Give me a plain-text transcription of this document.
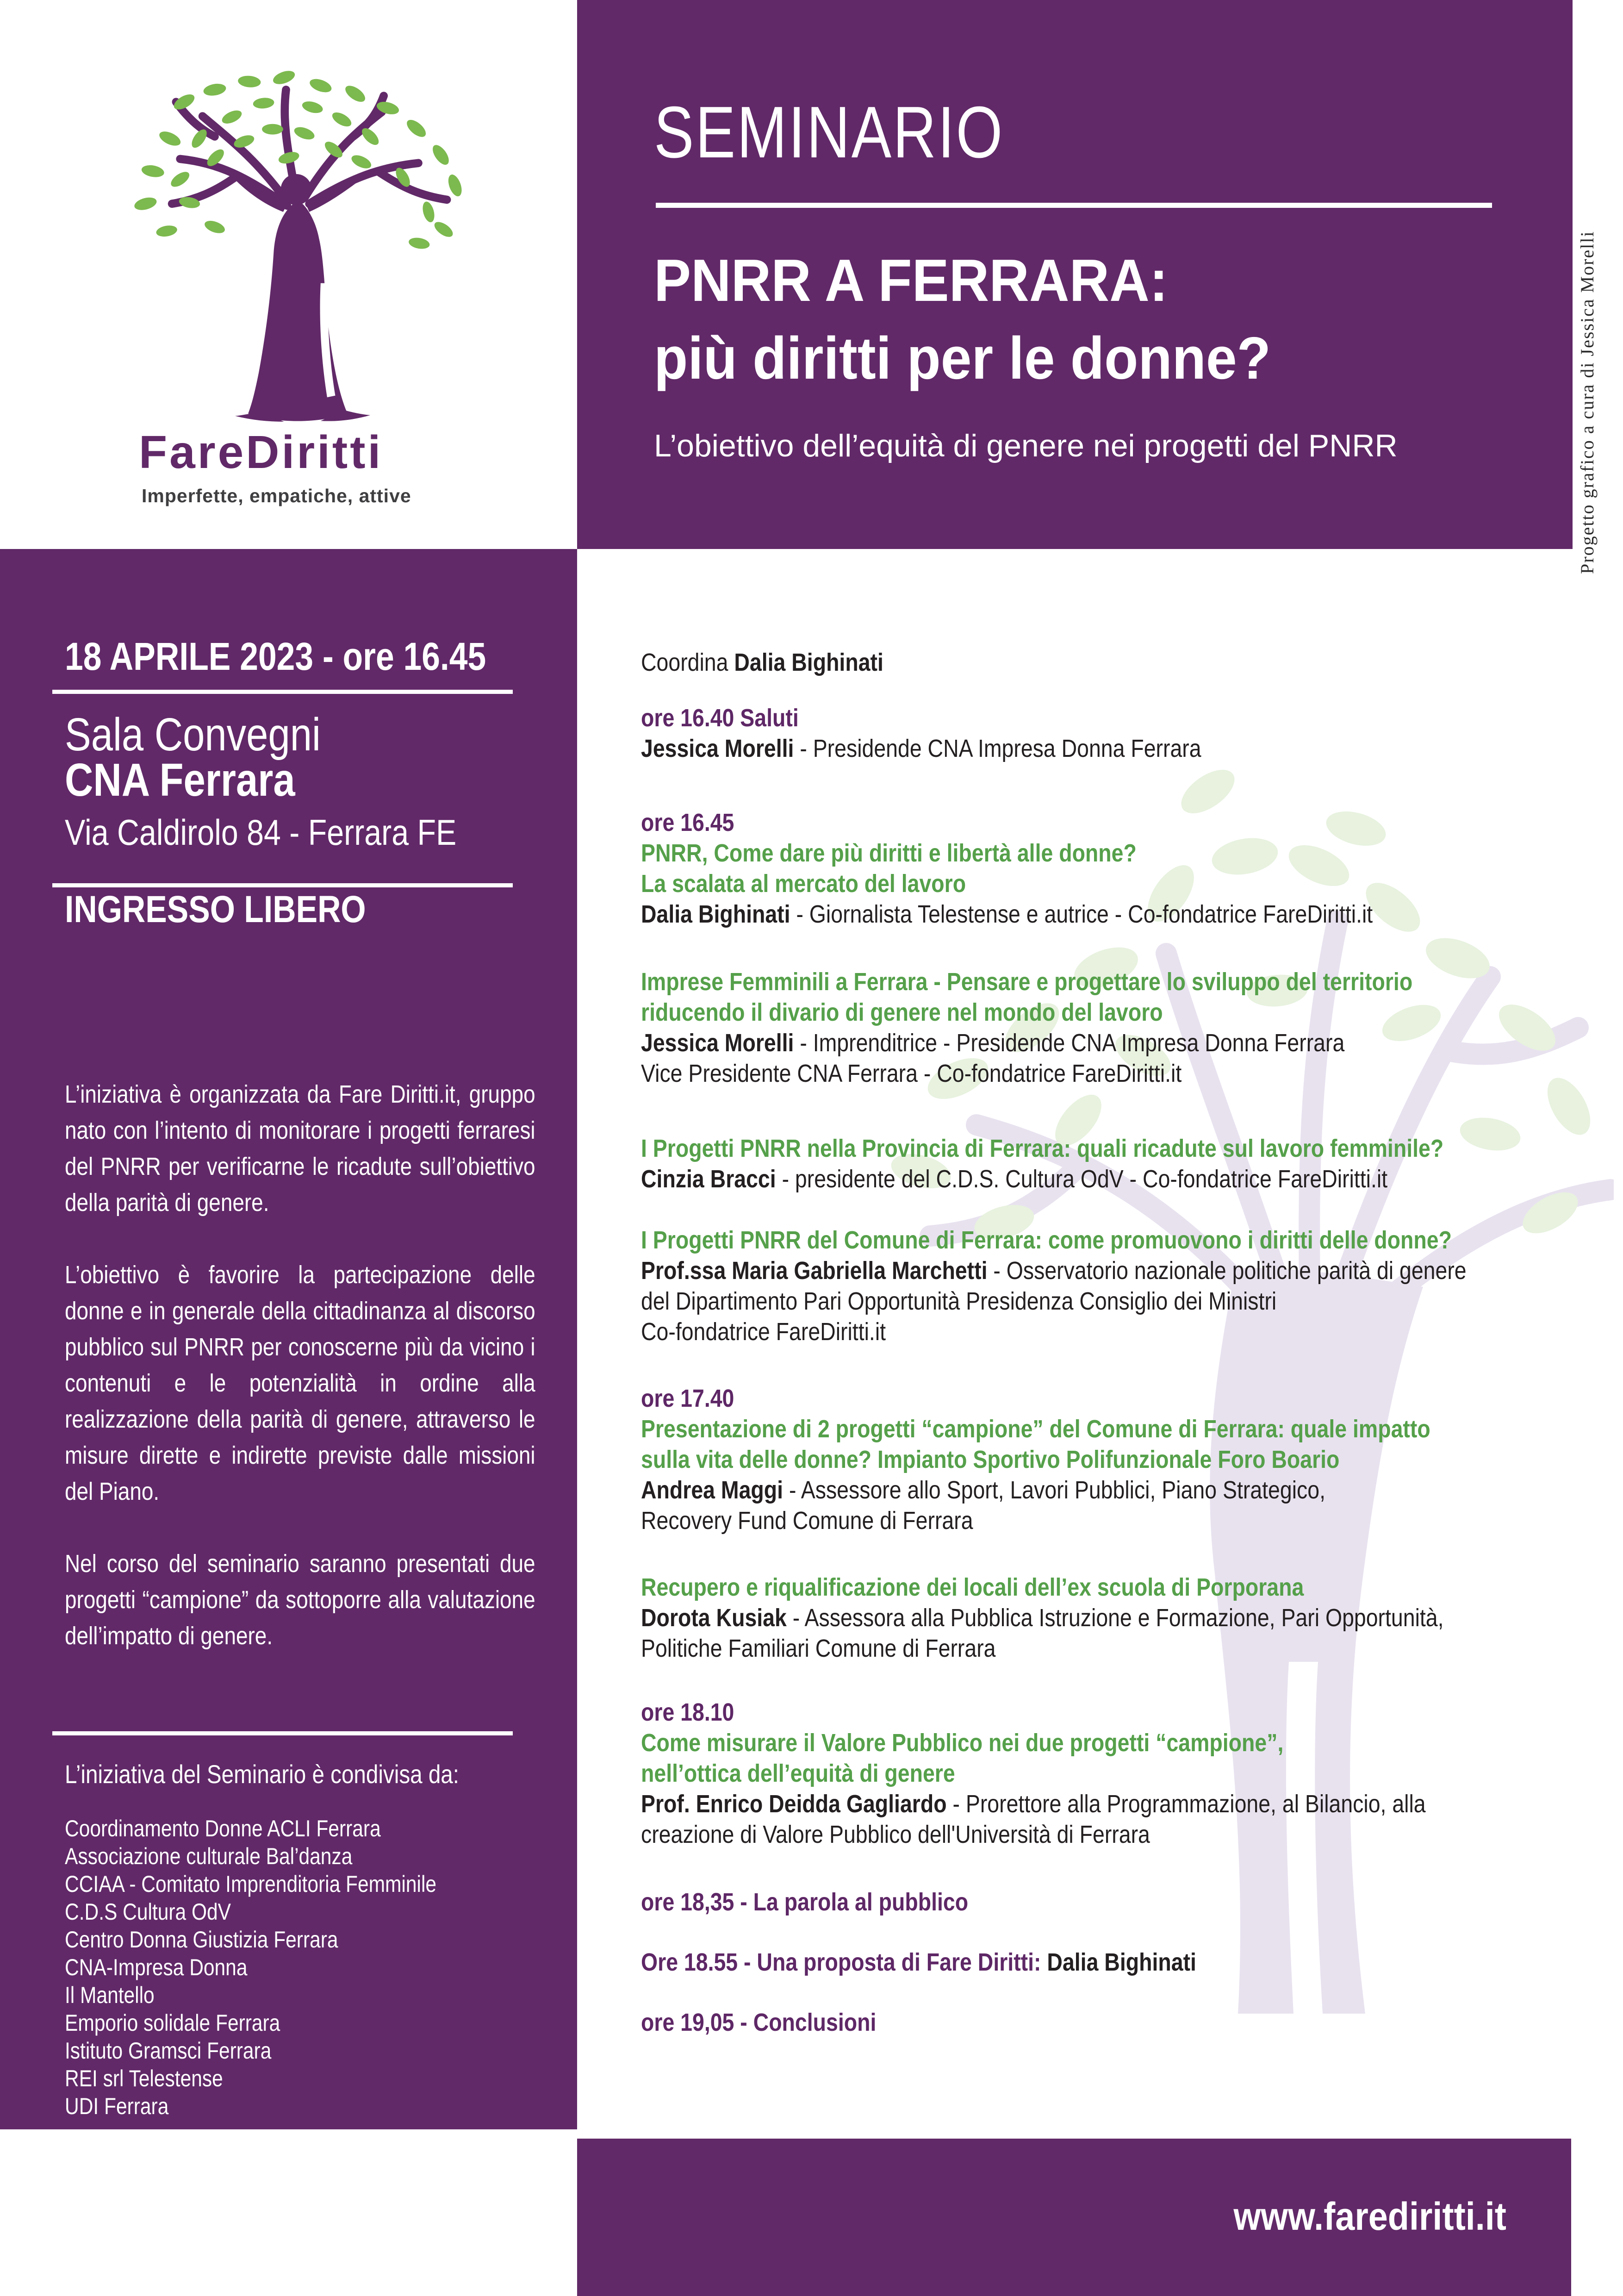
SEMINARIO
PNRR A FERRARA:
più diritti per le donne?
L’obiettivo dell’equità di genere nei progetti del PNRR	Progetto grafico a cura di Jessica Morelli
FareDiritti
Imperfette, empatiche, attive
18 APRILE 2023 - ore 16.45
Sala Convegni
CNA Ferrara
Via Caldirolo 84 - Ferrara FE
INGRESSO LIBERO

L’iniziativa è organizzata da Fare Diritti.it, gruppo nato con l’intento di monitorare i progetti ferraresi del PNRR per verificarne le ricadute sull’obiettivo della parità di genere.

L’obiettivo è favorire la partecipazione delle donne e in generale della cittadinanza al discorso pubblico sul PNRR per conoscerne più da vicino i contenuti e le potenzialità in ordine alla realizzazione della parità di genere, attraverso le misure dirette e indirette previste dalle missioni del Piano.

Nel corso del seminario saranno presentati due progetti “campione” da sottoporre alla valutazione dell’impatto di genere.

L’iniziativa del Seminario è condivisa da:
Coordinamento Donne ACLI Ferrara
Associazione culturale Bal’danza
CCIAA - Comitato Imprenditoria Femminile
C.D.S Cultura OdV
Centro Donna Giustizia Ferrara
CNA-Impresa Donna
Il Mantello
Emporio solidale Ferrara
Istituto Gramsci Ferrara
REI srl Telestense
UDI Ferrara
Coordina Dalia Bighinati
ore 16.40 Saluti
Jessica Morelli - Presidende CNA Impresa Donna Ferrara
ore 16.45
PNRR, Come dare più diritti e libertà alle donne?
La scalata al mercato del lavoro
Dalia Bighinati - Giornalista Telestense e autrice - Co-fondatrice FareDiritti.it
Imprese Femminili a Ferrara - Pensare e progettare lo sviluppo del territorio
riducendo il divario di genere nel mondo del lavoro
Jessica Morelli - Imprenditrice - Presidende CNA Impresa Donna Ferrara
Vice Presidente CNA Ferrara - Co-fondatrice FareDiritti.it
I Progetti PNRR nella Provincia di Ferrara: quali ricadute sul lavoro femminile?
Cinzia Bracci - presidente del C.D.S. Cultura OdV - Co-fondatrice FareDiritti.it
I Progetti PNRR del Comune di Ferrara: come promuovono i diritti delle donne?
Prof.ssa Maria Gabriella Marchetti - Osservatorio nazionale politiche parità di genere
del Dipartimento Pari Opportunità Presidenza Consiglio dei Ministri
Co-fondatrice FareDiritti.it
ore 17.40
Presentazione di 2 progetti “campione” del Comune di Ferrara: quale impatto
sulla vita delle donne? Impianto Sportivo Polifunzionale Foro Boario
Andrea Maggi - Assessore allo Sport, Lavori Pubblici, Piano Strategico,
Recovery Fund Comune di Ferrara
Recupero e riqualificazione dei locali dell’ex scuola di Porporana
Dorota Kusiak - Assessora alla Pubblica Istruzione e Formazione, Pari Opportunità,
Politiche Familiari Comune di Ferrara
ore 18.10
Come misurare il Valore Pubblico nei due progetti “campione”,
nell’ottica dell’equità di genere
Prof. Enrico Deidda Gagliardo - Prorettore alla Programmazione, al Bilancio, alla
creazione di Valore Pubblico dell'Università di Ferrara
ore 18,35 - La parola al pubblico
Ore 18.55 - Una proposta di Fare Diritti: Dalia Bighinati
ore 19,05 - Conclusioni
www.farediritti.it
